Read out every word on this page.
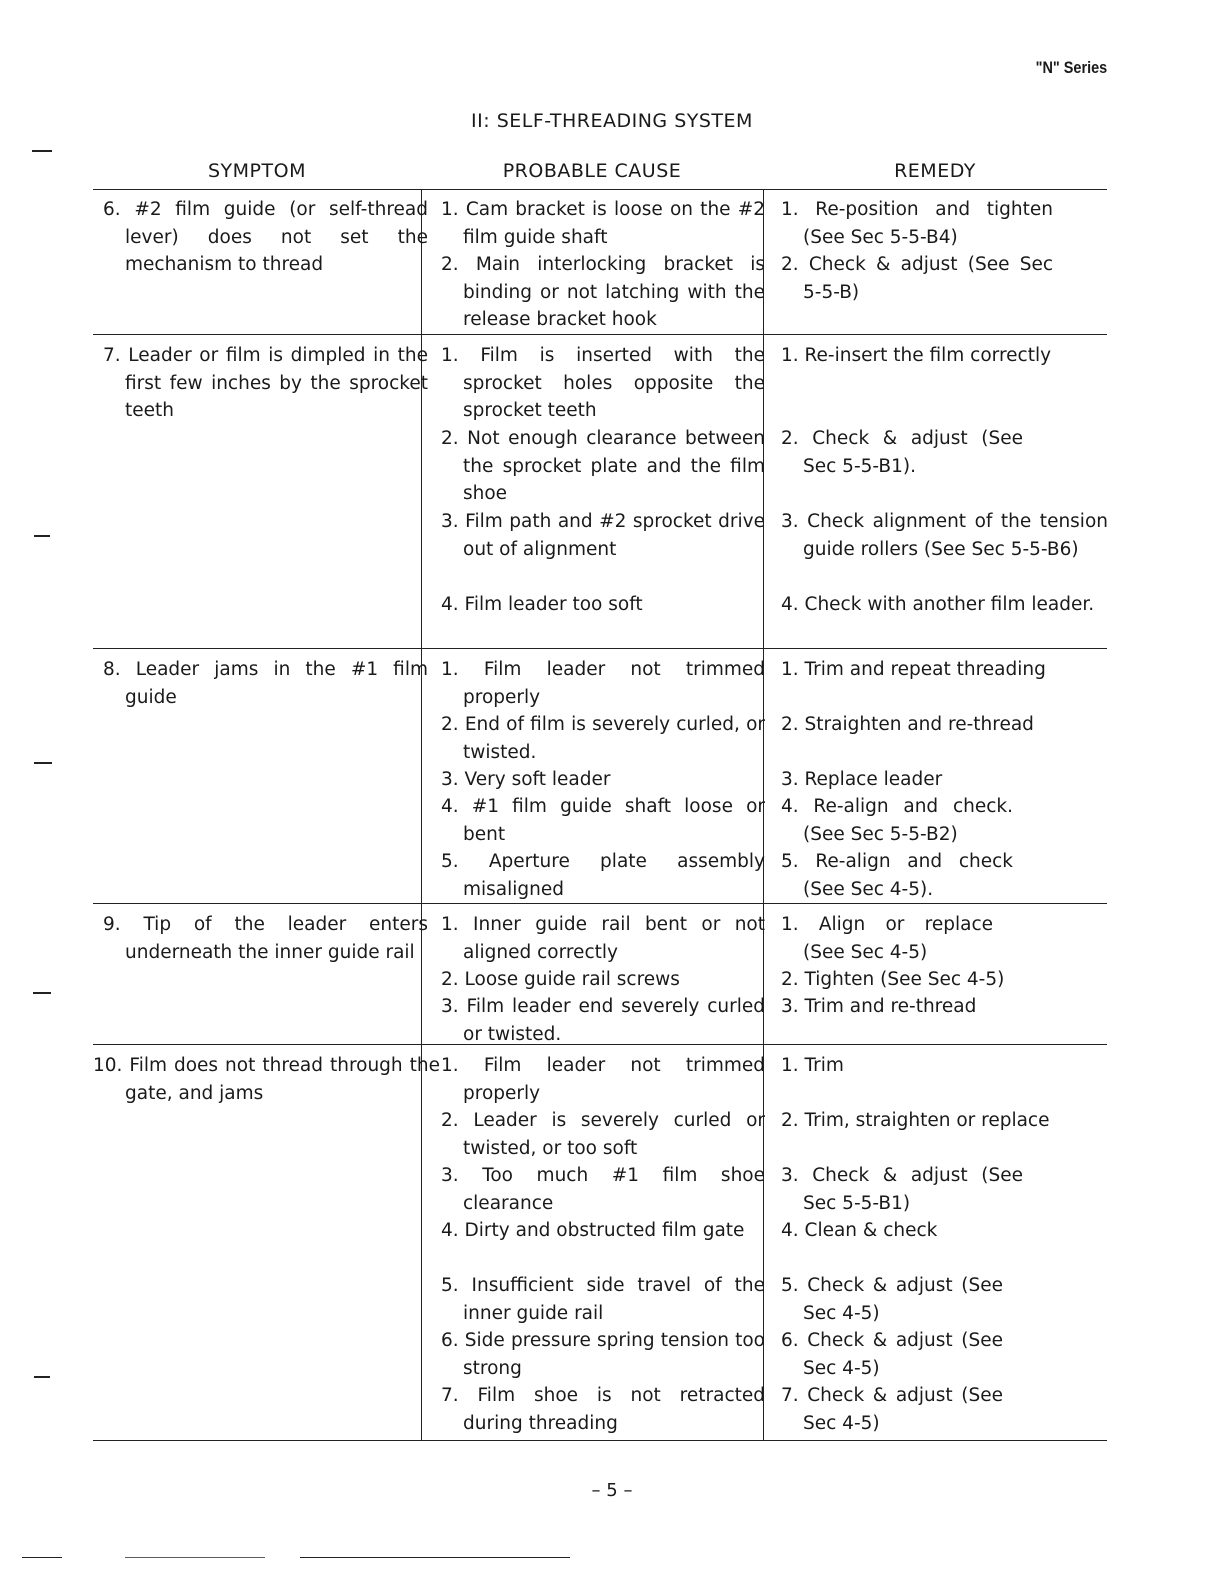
"N" Series
II: SELF-THREADING SYSTEM
SYMPTOM	PROBABLE CAUSE	REMEDY
6. #2 film guide (or self-thread lever) does not set the mechanism to thread
1. Cam bracket is loose on the #2 film guide shaft
2. Main interlocking bracket is binding or not latching with the release bracket hook
1. Re-position and tighten (See Sec 5-5-B4)
2. Check & adjust (See Sec 5-5-B)
7. Leader or film is dimpled in the first few inches by the sprocket teeth
1. Film is inserted with the sprocket holes opposite the sprocket teeth
2. Not enough clearance between the sprocket plate and the film shoe
3. Film path and #2 sprocket drive out of alignment
4. Film leader too soft
1. Re-insert the film correctly
2. Check & adjust (See Sec 5-5-B1).
3. Check alignment of the tension guide rollers (See Sec 5-5-B6)
4. Check with another film leader.
8. Leader jams in the #1 film guide
1. Film leader not trimmed properly
2. End of film is severely curled, or twisted.
3. Very soft leader
4. #1 film guide shaft loose or bent
5. Aperture plate assembly misaligned
1. Trim and repeat threading
2. Straighten and re-thread
3. Replace leader
4. Re-align and check. (See Sec 5-5-B2)
5. Re-align and check (See Sec 4-5).
9. Tip of the leader enters underneath the inner guide rail
1. Inner guide rail bent or not aligned correctly
2. Loose guide rail screws
3. Film leader end severely curled or twisted.
1. Align or replace (See Sec 4-5)
2. Tighten (See Sec 4-5)
3. Trim and re-thread
10. Film does not thread through the gate, and jams
1. Film leader not trimmed properly
2. Leader is severely curled or twisted, or too soft
3. Too much #1 film shoe clearance
4. Dirty and obstructed film gate
5. Insufficient side travel of the inner guide rail
6. Side pressure spring tension too strong
7. Film shoe is not retracted during threading
1. Trim
2. Trim, straighten or replace
3. Check & adjust (See Sec 5-5-B1)
4. Clean & check
5. Check & adjust (See Sec 4-5)
6. Check & adjust (See Sec 4-5)
7. Check & adjust (See Sec 4-5)
– 5 –
